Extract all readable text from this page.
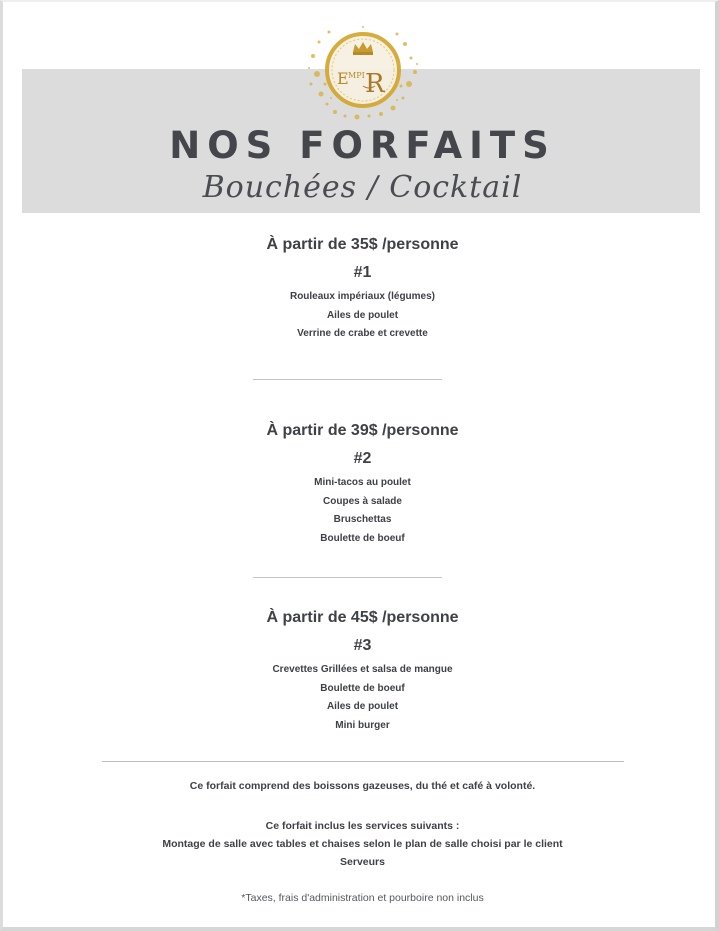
E MPI R
NOS FORFAITS
Bouchées / Cocktail
À partir de 35$ /personne
#1
Rouleaux impériaux (légumes)
Ailes de poulet
Verrine de crabe et crevette
À partir de 39$ /personne
#2
Mini-tacos au poulet
Coupes à salade
Bruschettas
Boulette de boeuf
À partir de 45$ /personne
#3
Crevettes Grillées et salsa de mangue
Boulette de boeuf
Ailes de poulet
Mini burger
Ce forfait comprend des boissons gazeuses, du thé et café à volonté.
Ce forfait inclus les services suivants :
Montage de salle avec tables et chaises selon le plan de salle choisi par le client
Serveurs
*Taxes, frais d'administration et pourboire non inclus
